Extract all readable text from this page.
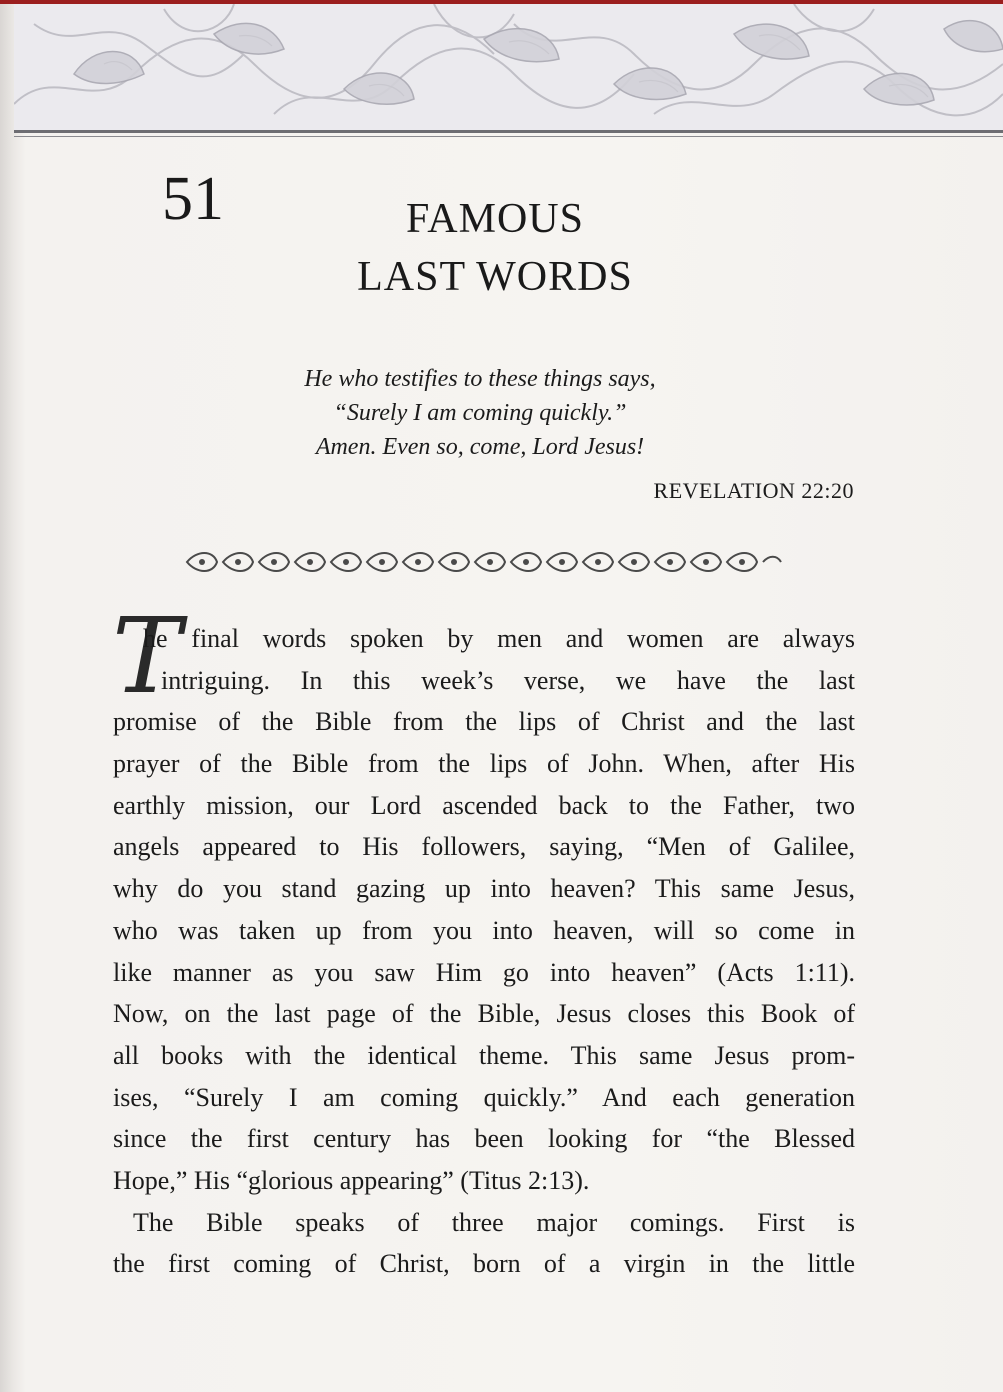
51	FAMOUS
LAST WORDS
He who testifies to these things says,
“Surely I am coming quickly.”
Amen. Even so, come, Lord Jesus!
REVELATION 22:20
T
he final words spoken by men and women are always
intriguing. In this week’s verse, we have the last
promise of the Bible from the lips of Christ and the last
prayer of the Bible from the lips of John. When, after His
earthly mission, our Lord ascended back to the Father, two
angels appeared to His followers, saying, “Men of Galilee,
why do you stand gazing up into heaven? This same Jesus,
who was taken up from you into heaven, will so come in
like manner as you saw Him go into heaven” (Acts 1:11).
Now, on the last page of the Bible, Jesus closes this Book of
all books with the identical theme. This same Jesus prom-
ises, “Surely I am coming quickly.” And each generation
since the first century has been looking for “the Blessed
Hope,” His “glorious appearing” (Titus 2:13).
The Bible speaks of three major comings. First is
the first coming of Christ, born of a virgin in the little
